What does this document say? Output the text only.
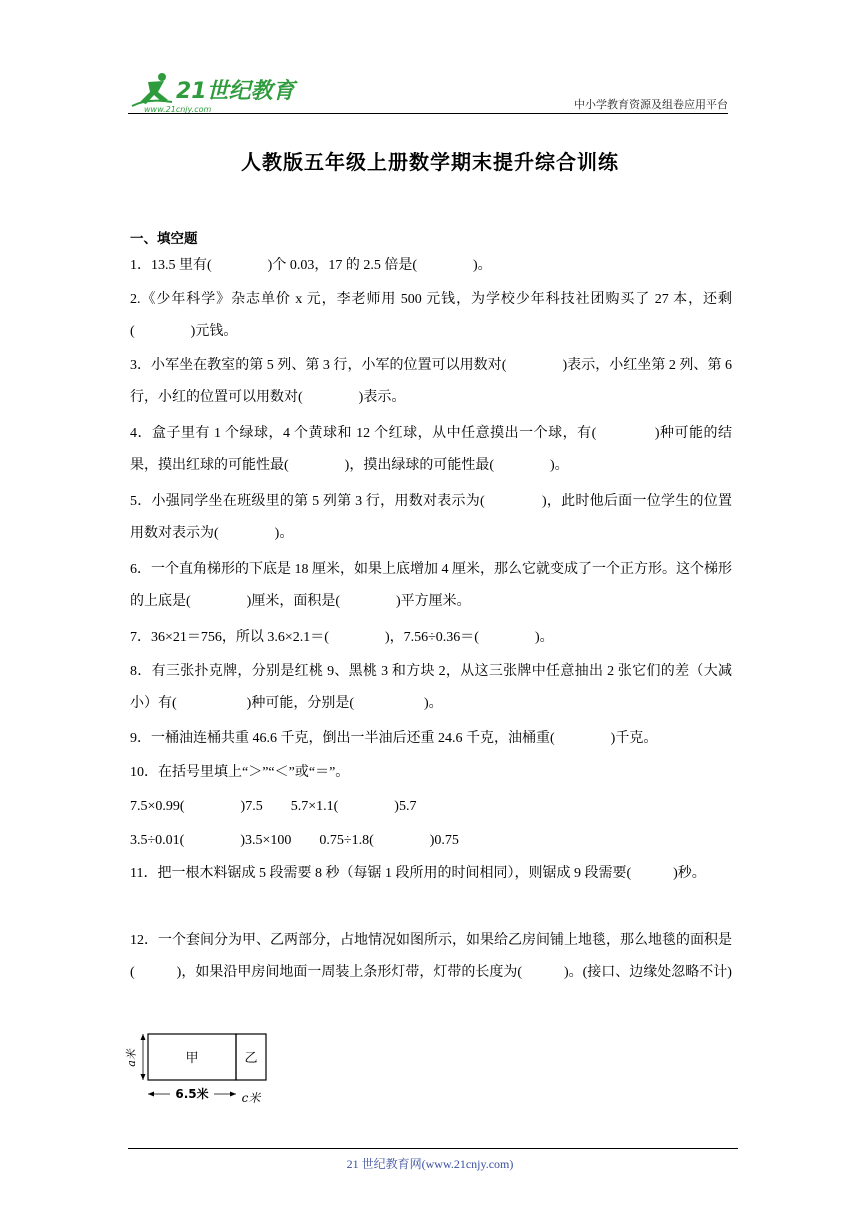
21世纪教育
www.21cnjy.com	中小学教育资源及组卷应用平台
人教版五年级上册数学期末提升综合训练
一、填空题
1．13.5 里有(　　　　)个 0.03，17 的 2.5 倍是(　　　　)。
2.《少年科学》杂志单价 x 元，李老师用 500 元钱，为学校少年科技社团购买了 27 本，还剩(　　　　)元钱。
3．小军坐在教室的第 5 列、第 3 行，小军的位置可以用数对(　　　　)表示，小红坐第 2 列、第 6 行，小红的位置可以用数对(　　　　)表示。
4．盒子里有 1 个绿球，4 个黄球和 12 个红球，从中任意摸出一个球，有(　　　　)种可能的结果，摸出红球的可能性最(　　　　)，摸出绿球的可能性最(　　　　)。
5．小强同学坐在班级里的第 5 列第 3 行，用数对表示为(　　　　)，此时他后面一位学生的位置用数对表示为(　　　　)。
6．一个直角梯形的下底是 18 厘米，如果上底增加 4 厘米，那么它就变成了一个正方形。这个梯形的上底是(　　　　)厘米，面积是(　　　　)平方厘米。
7．36×21＝756，所以 3.6×2.1＝(　　　　)，7.56÷0.36＝(　　　　)。
8．有三张扑克牌，分别是红桃 9、黑桃 3 和方块 2，从这三张牌中任意抽出 2 张它们的差（大减小）有(　　　　　)种可能，分别是(　　　　　)。
9．一桶油连桶共重 46.6 千克，倒出一半油后还重 24.6 千克，油桶重(　　　　)千克。
10．在括号里填上“＞”“＜”或“＝”。
7.5×0.99(　　　　)7.5　　5.7×1.1(　　　　)5.7
3.5÷0.01(　　　　)3.5×100　　0.75÷1.8(　　　　)0.75
11．把一根木料锯成 5 段需要 8 秒（每锯 1 段所用的时间相同），则锯成 9 段需要(　　　)秒。
12．一个套间分为甲、乙两部分，占地情况如图所示，如果给乙房间铺上地毯，那么地毯的面积是(　　　)，如果沿甲房间地面一周装上条形灯带，灯带的长度为(　　　)。(接口、边缘处忽略不计)
甲	乙
a米
6.5米	c米
21 世纪教育网(www.21cnjy.com)
